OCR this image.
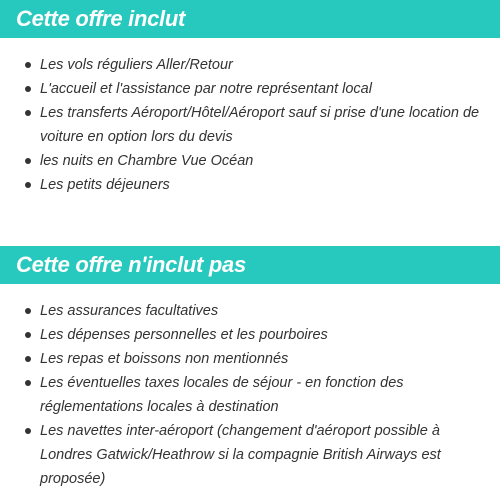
Cette offre inclut
Les vols réguliers Aller/Retour
L'accueil et l'assistance par notre représentant local
Les transferts Aéroport/Hôtel/Aéroport sauf si prise d'une location de voiture en option lors du devis
les nuits en Chambre Vue Océan
Les petits déjeuners
Cette offre n'inclut pas
Les assurances facultatives
Les dépenses personnelles et les pourboires
Les repas et boissons non mentionnés
Les éventuelles taxes locales de séjour - en fonction des réglementations locales à destination
Les navettes inter-aéroport (changement d'aéroport possible à Londres Gatwick/Heathrow si la compagnie British Airways est proposée)
